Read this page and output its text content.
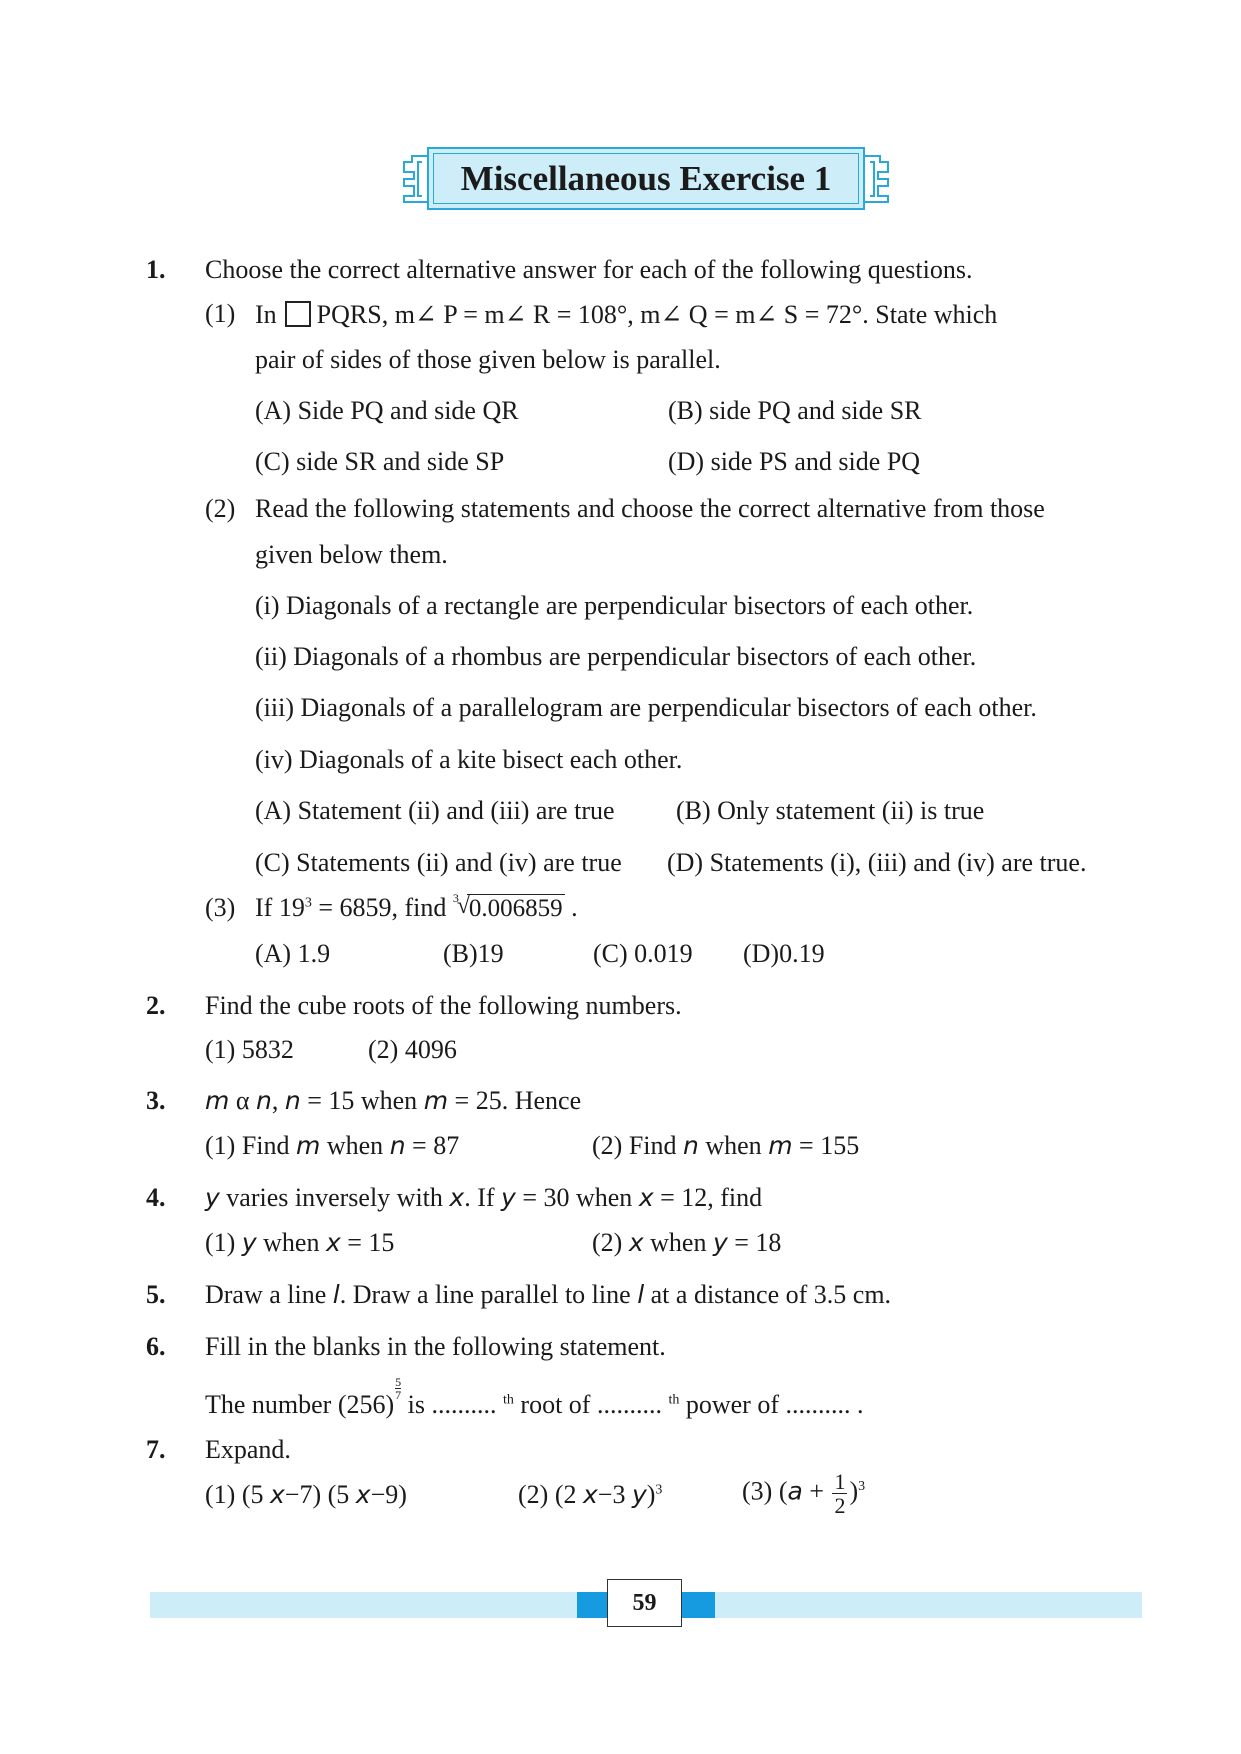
Miscellaneous Exercise 1
1. Choose the correct alternative answer for each of the following questions.
(1) In PQRS, m∠ P = m∠ R = 108°, m∠ Q = m∠ S = 72°. State which
pair of sides of those given below is parallel.
(A) Side PQ and side QR	(B) side PQ and side SR
(C) side SR and side SP	(D) side PS and side PQ
(2) Read the following statements and choose the correct alternative from those
given below them.
(i) Diagonals of a rectangle are perpendicular bisectors of each other.
(ii) Diagonals of a rhombus are perpendicular bisectors of each other.
(iii) Diagonals of a parallelogram are perpendicular bisectors of each other.
(iv) Diagonals of a kite bisect each other.
(A) Statement (ii) and (iii) are true (B) Only statement (ii) is true
(C) Statements (ii) and (iv) are true (D) Statements (i), (iii) and (iv) are true.
(3) If $19^3 = 6859$, find 3
√
0.006859 .
(A) 1.9	(B)19	(C) 0.019 (D)0.19
2. Find the cube roots of the following numbers.
(1) 5832	(2) 4096
3. m α n, n = 15 when m = 25. Hence
(1) Find m when n = 87	(2) Find n when m = 155
4. y varies inversely with x. If y = 30 when x = 12, find
(1) y when x = 15	(2) x when y = 18
5. Draw a line l. Draw a line parallel to line l at a distance of 3.5 cm.
6. Fill in the blanks in the following statement.
The number (256)
$\frac{5}{7}$
is .......... $^{th}$ root of .......... $^{th}$ power of .......... .
7. Expand.
(1) (5 x−7) (5 x−9)	(2) (2 x−3 y)$^3$	(3) $(a + \frac{1}{2} )^3$
59
